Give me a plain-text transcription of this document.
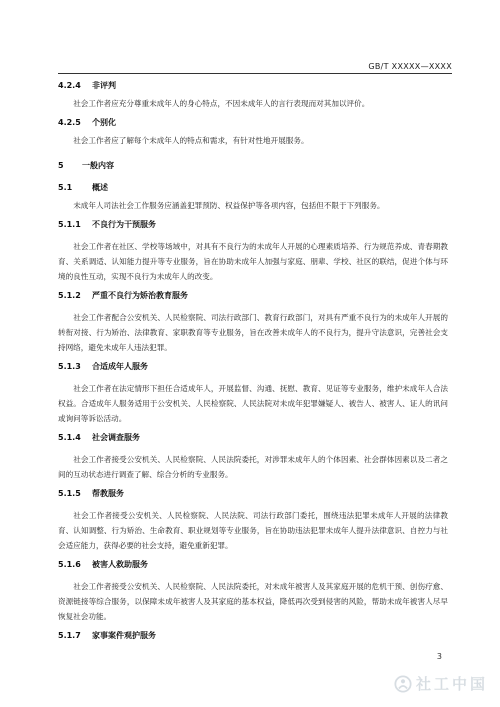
GB/T XXXXX—XXXX
4.2.4 非评判

社会工作者应充分尊重未成年人的身心特点，不因未成年人的言行表现而对其加以评价。

4.2.5 个别化

社会工作者应了解每个未成年人的特点和需求，有针对性地开展服务。

5 一般内容
5.1 概述

未成年人司法社会工作服务应涵盖犯罪预防、权益保护等各项内容，包括但不限于下列服务。

5.1.1 不良行为干预服务

社会工作者在社区、学校等场域中，对具有不良行为的未成年人开展的心理素质培养、行为规范养成、青春期教育、关系调适、认知能力提升等专业服务，旨在协助未成年人加强与家庭、朋辈、学校、社区的联结，促进个体与环境的良性互动，实现不良行为未成年人的改变。

5.1.2 严重不良行为矫治教育服务

社会工作者配合公安机关、人民检察院、司法行政部门、教育行政部门，对具有严重不良行为的未成年人开展的转衔对接、行为矫治、法律教育、家职教育等专业服务，旨在改善未成年人的不良行为，提升守法意识，完善社会支持网络，避免未成年人违法犯罪。

5.1.3 合适成年人服务

社会工作者在法定情形下担任合适成年人，开展监督、沟通、抚慰、教育、见证等专业服务，维护未成年人合法权益。合适成年人服务适用于公安机关、人民检察院、人民法院对未成年犯罪嫌疑人、被告人、被害人、证人的讯问或询问等诉讼活动。

5.1.4 社会调查服务

社会工作者接受公安机关、人民检察院、人民法院委托，对涉罪未成年人的个体因素、社会群体因素以及二者之间的互动状态进行调查了解、综合分析的专业服务。

5.1.5 帮教服务

社会工作者接受公安机关、人民检察院、人民法院、司法行政部门委托，围绕违法犯罪未成年人开展的法律教育、认知调整、行为矫治、生命教育、职业规划等专业服务，旨在协助违法犯罪未成年人提升法律意识、自控力与社会适应能力，获得必要的社会支持，避免重新犯罪。

5.1.6 被害人救助服务

社会工作者接受公安机关、人民检察院、人民法院委托，对未成年被害人及其家庭开展的危机干预、创伤疗愈、资源链接等综合服务，以保障未成年被害人及其家庭的基本权益，降低再次受到侵害的风险，帮助未成年被害人尽早恢复社会功能。

5.1.7 家事案件观护服务
3
社工中国
